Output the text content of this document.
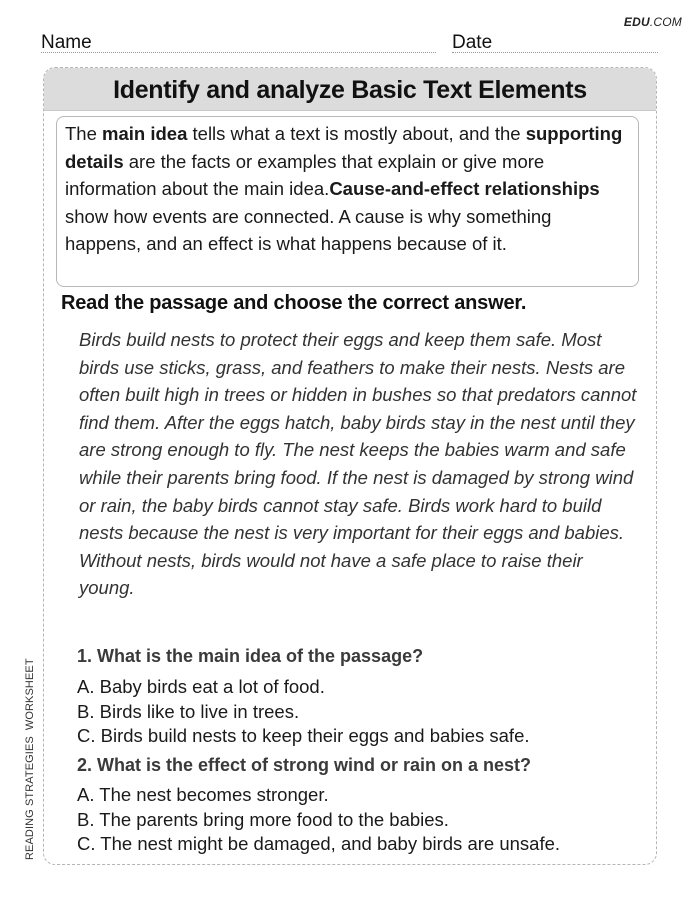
EDU.COM
Name	Date
Identify and analyze Basic Text Elements
The main idea tells what a text is mostly about, and the supporting details are the facts or examples that explain or give more information about the main idea.Cause-and-effect relationships show how events are connected. A cause is why something happens, and an effect is what happens because of it.
Read the passage and choose the correct answer.

Birds build nests to protect their eggs and keep them safe. Most birds use sticks, grass, and feathers to make their nests. Nests are often built high in trees or hidden in bushes so that predators cannot find them. After the eggs hatch, baby birds stay in the nest until they are strong enough to fly. The nest keeps the babies warm and safe while their parents bring food. If the nest is damaged by strong wind or rain, the baby birds cannot stay safe. Birds work hard to build nests because the nest is very important for their eggs and babies. Without nests, birds would not have a safe place to raise their young.

1. What is the main idea of the passage?
A. Baby birds eat a lot of food.
B. Birds like to live in trees.
C. Birds build nests to keep their eggs and babies safe.
2. What is the effect of strong wind or rain on a nest?
A. The nest becomes stronger.
B. The parents bring more food to the babies.
C. The nest might be damaged, and baby birds are unsafe.
READING STRATEGIESWORKSHEET
